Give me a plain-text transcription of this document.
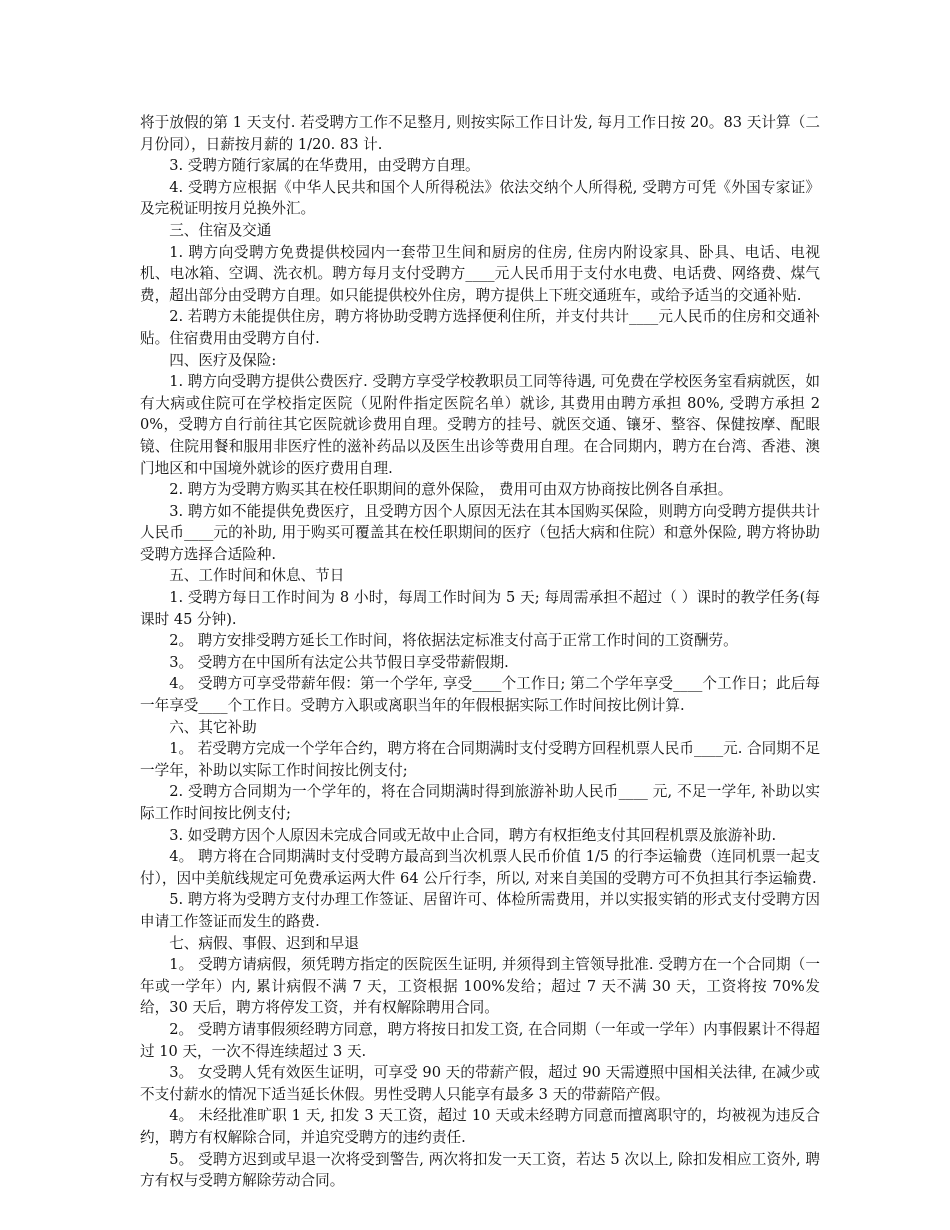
将于放假的第 1 天支付. 若受聘方工作不足整月, 则按实际工作日计发, 每月工作日按 20。83 天计算（二月份同），日薪按月薪的 1/20. 83 计.

3. 受聘方随行家属的在华费用，由受聘方自理。

4. 受聘方应根据《中华人民共和国个人所得税法》依法交纳个人所得税, 受聘方可凭《外国专家证》及完税证明按月兑换外汇。

三、住宿及交通

1. 聘方向受聘方免费提供校园内一套带卫生间和厨房的住房, 住房内附设家具、卧具、电话、电视机、电冰箱、空调、洗衣机。聘方每月支付受聘方____元人民币用于支付水电费、电话费、网络费、煤气费，超出部分由受聘方自理。如只能提供校外住房，聘方提供上下班交通班车，或给予适当的交通补贴.

2. 若聘方未能提供住房，聘方将协助受聘方选择便利住所，并支付共计____元人民币的住房和交通补贴。住宿费用由受聘方自付.

四、医疗及保险:

1. 聘方向受聘方提供公费医疗. 受聘方享受学校教职员工同等待遇, 可免费在学校医务室看病就医，如有大病或住院可在学校指定医院（见附件指定医院名单）就诊, 其费用由聘方承担 80%, 受聘方承担 20%，受聘方自行前往其它医院就诊费用自理。受聘方的挂号、就医交通、镶牙、整容、保健按摩、配眼镜、住院用餐和服用非医疗性的滋补药品以及医生出诊等费用自理。在合同期内，聘方在台湾、香港、澳门地区和中国境外就诊的医疗费用自理.

2. 聘方为受聘方购买其在校任职期间的意外保险， 费用可由双方协商按比例各自承担。

3. 聘方如不能提供免费医疗，且受聘方因个人原因无法在其本国购买保险，则聘方向受聘方提供共计人民币____元的补助, 用于购买可覆盖其在校任职期间的医疗（包括大病和住院）和意外保险, 聘方将协助受聘方选择合适险种.

五、工作时间和休息、节日

1. 受聘方每日工作时间为 8 小时，每周工作时间为 5 天; 每周需承担不超过（ ）课时的教学任务(每课时 45 分钟).

2。 聘方安排受聘方延长工作时间，将依据法定标准支付高于正常工作时间的工资酬劳。

3。 受聘方在中国所有法定公共节假日享受带薪假期.

4。 受聘方可享受带薪年假：第一个学年, 享受____个工作日; 第二个学年享受____个工作日；此后每一年享受____个工作日。受聘方入职或离职当年的年假根据实际工作时间按比例计算.

六、其它补助

1。 若受聘方完成一个学年合约，聘方将在合同期满时支付受聘方回程机票人民币____元. 合同期不足一学年，补助以实际工作时间按比例支付;

2. 受聘方合同期为一个学年的，将在合同期满时得到旅游补助人民币____ 元, 不足一学年, 补助以实际工作时间按比例支付;

3. 如受聘方因个人原因未完成合同或无故中止合同，聘方有权拒绝支付其回程机票及旅游补助.

4。 聘方将在合同期满时支付受聘方最高到当次机票人民币价值 1/5 的行李运输费（连同机票一起支付），因中美航线规定可免费承运两大件 64 公斤行李，所以, 对来自美国的受聘方可不负担其行李运输费.

5. 聘方将为受聘方支付办理工作签证、居留许可、体检所需费用，并以实报实销的形式支付受聘方因申请工作签证而发生的路费.

七、病假、事假、迟到和早退

1。 受聘方请病假，须凭聘方指定的医院医生证明, 并须得到主管领导批准. 受聘方在一个合同期（一年或一学年）内, 累计病假不满 7 天，工资根据 100%发给；超过 7 天不满 30 天，工资将按 70%发给，30 天后，聘方将停发工资，并有权解除聘用合同。

2。 受聘方请事假须经聘方同意，聘方将按日扣发工资, 在合同期（一年或一学年）内事假累计不得超过 10 天，一次不得连续超过 3 天.

3。 女受聘人凭有效医生证明，可享受 90 天的带薪产假，超过 90 天需遵照中国相关法律, 在减少或不支付薪水的情况下适当延长休假。男性受聘人只能享有最多 3 天的带薪陪产假。

4。 未经批准旷职 1 天, 扣发 3 天工资，超过 10 天或未经聘方同意而擅离职守的，均被视为违反合约，聘方有权解除合同，并追究受聘方的违约责任.

5。 受聘方迟到或早退一次将受到警告, 两次将扣发一天工资，若达 5 次以上, 除扣发相应工资外, 聘方有权与受聘方解除劳动合同。
